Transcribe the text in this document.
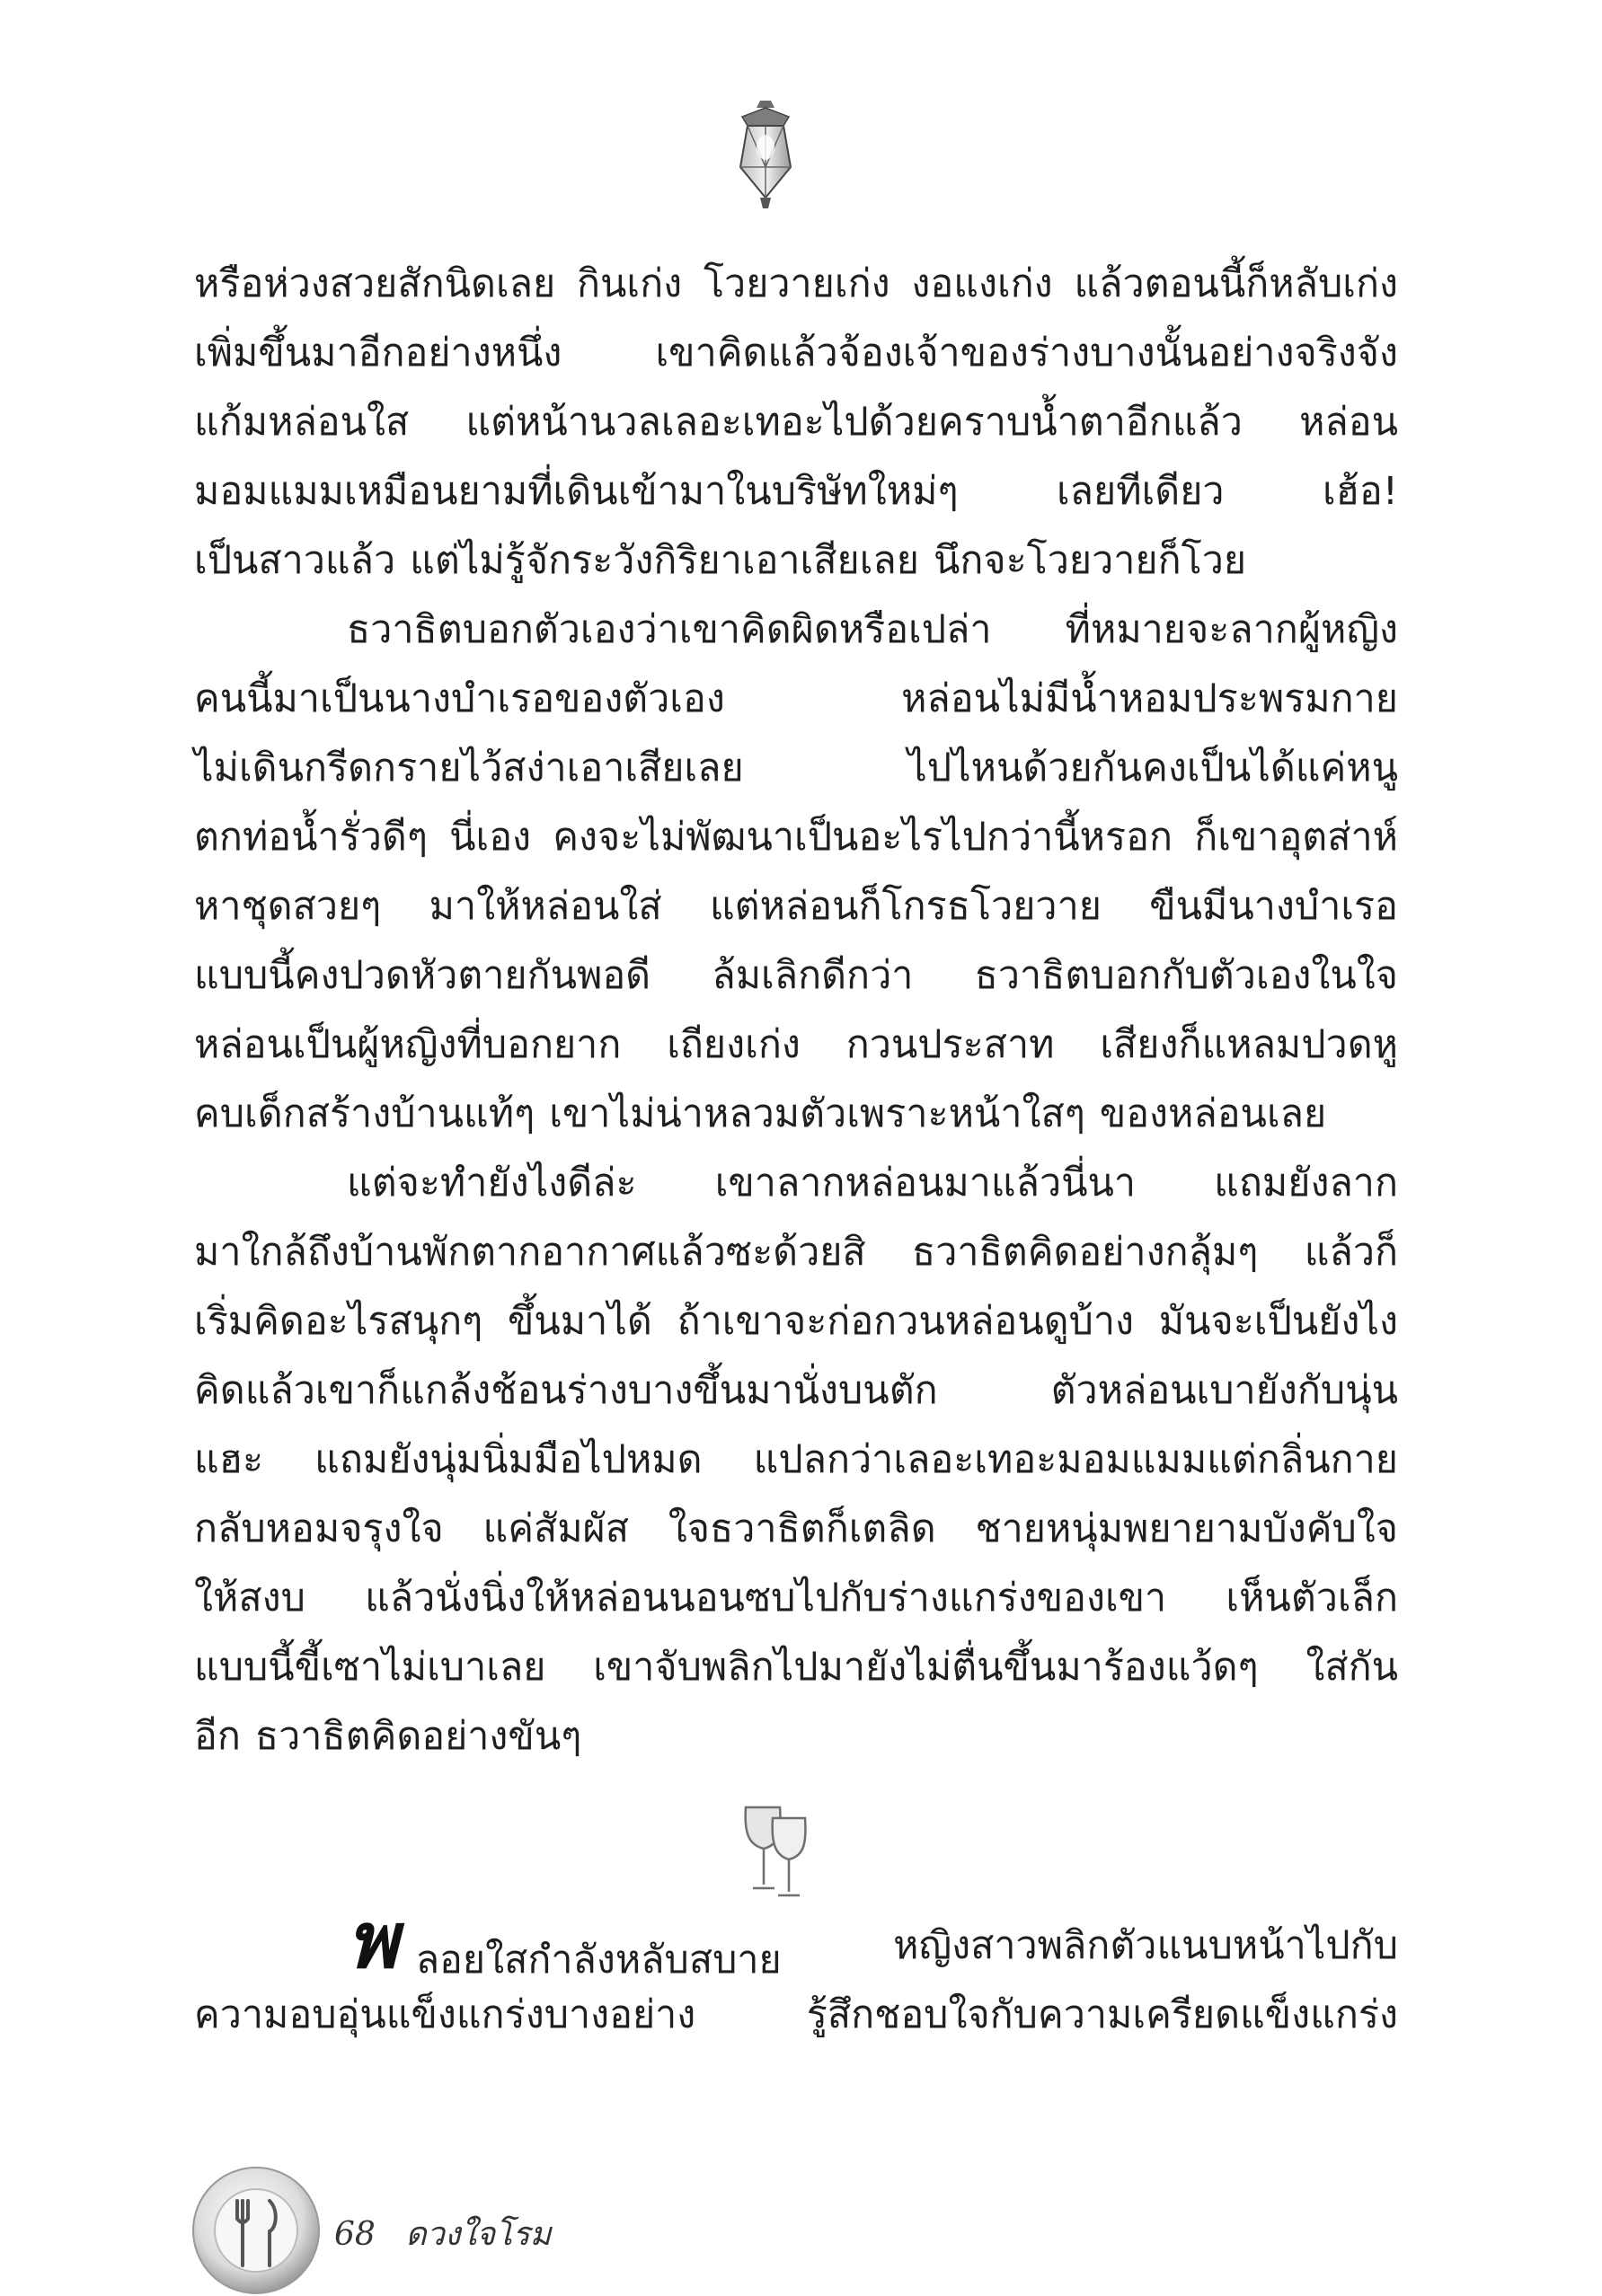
หรือห่วงสวยสักนิดเลย กินเก่ง โวยวายเก่ง งอแงเก่ง แล้วตอนนี้ก็หลับเก่ง
เพิ่มขึ้นมาอีกอย่างหนึ่ง เขาคิดแล้วจ้องเจ้าของร่างบางนั้นอย่างจริงจัง
แก้มหล่อนใส แต่หน้านวลเลอะเทอะไปด้วยคราบน้ำตาอีกแล้ว หล่อน
มอมแมมเหมือนยามที่เดินเข้ามาในบริษัทใหม่ๆ	เลยทีเดียว	เฮ้อ!
เป็นสาวแล้ว แต่ไม่รู้จักระวังกิริยาเอาเสียเลย นึกจะโวยวายก็โวย
ธวาธิตบอกตัวเองว่าเขาคิดผิดหรือเปล่า ที่หมายจะลากผู้หญิง
คนนี้มาเป็นนางบำเรอของตัวเอง	หล่อนไม่มีน้ำหอมประพรมกาย
ไม่เดินกรีดกรายไว้สง่าเอาเสียเลย	ไปไหนด้วยกันคงเป็นได้แค่หนู
ตกท่อน้ำรั่วดีๆ นี่เอง คงจะไม่พัฒนาเป็นอะไรไปกว่านี้หรอก ก็เขาอุตส่าห์
หาชุดสวยๆ มาให้หล่อนใส่ แต่หล่อนก็โกรธโวยวาย ขืนมีนางบำเรอ
แบบนี้คงปวดหัวตายกันพอดี ล้มเลิกดีกว่า ธวาธิตบอกกับตัวเองในใจ
หล่อนเป็นผู้หญิงที่บอกยาก เถียงเก่ง กวนประสาท เสียงก็แหลมปวดหู
คบเด็กสร้างบ้านแท้ๆ เขาไม่น่าหลวมตัวเพราะหน้าใสๆ ของหล่อนเลย
แต่จะทำยังไงดีล่ะ เขาลากหล่อนมาแล้วนี่นา แถมยังลาก
มาใกล้ถึงบ้านพักตากอากาศแล้วซะด้วยสิ ธวาธิตคิดอย่างกลุ้มๆ แล้วก็
เริ่มคิดอะไรสนุกๆ ขึ้นมาได้ ถ้าเขาจะก่อกวนหล่อนดูบ้าง มันจะเป็นยังไง
คิดแล้วเขาก็แกล้งช้อนร่างบางขึ้นมานั่งบนตัก	ตัวหล่อนเบายังกับนุ่น
แฮะ แถมยังนุ่มนิ่มมือไปหมด แปลกว่าเลอะเทอะมอมแมมแต่กลิ่นกาย
กลับหอมจรุงใจ แค่สัมผัส ใจธวาธิตก็เตลิด ชายหนุ่มพยายามบังคับใจ
ให้สงบ แล้วนั่งนิ่งให้หล่อนนอนซบไปกับร่างแกร่งของเขา เห็นตัวเล็ก
แบบนี้ขี้เซาไม่เบาเลย เขาจับพลิกไปมายังไม่ตื่นขึ้นมาร้องแว้ดๆ ใส่กัน
อีก ธวาธิตคิดอย่างขันๆ
พ ลอยใสกำลังหลับสบาย	หญิงสาวพลิกตัวแนบหน้าไปกับ
ความอบอุ่นแข็งแกร่งบางอย่าง	รู้สึกชอบใจกับความเครียดแข็งแกร่ง
68 ดวงใจโรม
